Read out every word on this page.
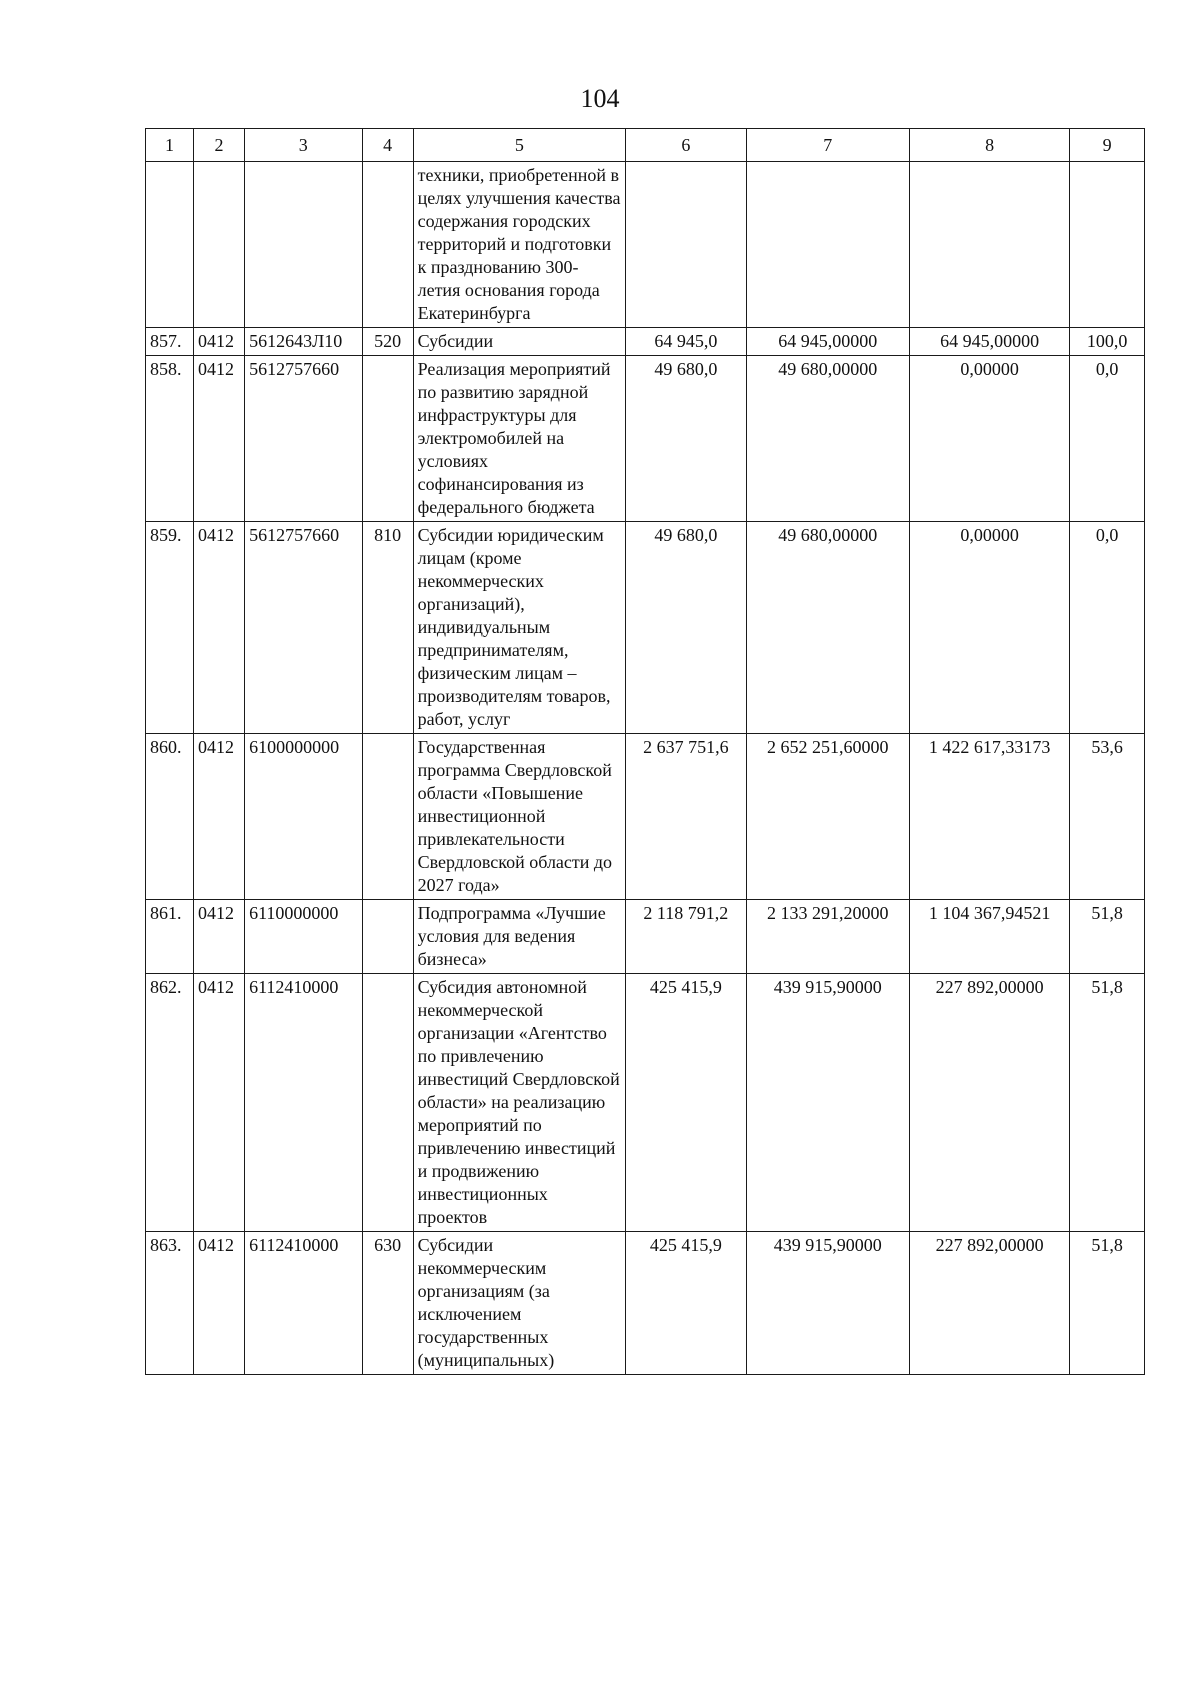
104
1	2	3	4	5	6	7	8	9
				техники, приобретенной в целях улучшения качества содержания городских территорий и подготовки к празднованию 300-летия основания города Екатеринбурга				
857.	0412	5612643Л10	520	Субсидии	64 945,0	64 945,00000	64 945,00000	100,0
858.	0412	5612757660		Реализация мероприятий по развитию зарядной инфраструктуры для электромобилей на условиях софинансирования из федерального бюджета	49 680,0	49 680,00000	0,00000	0,0
859.	0412	5612757660	810	Субсидии юридическим лицам (кроме некоммерческих организаций), индивидуальным предпринимателям, физическим лицам – производителям товаров, работ, услуг	49 680,0	49 680,00000	0,00000	0,0
860.	0412	6100000000		Государственная программа Свердловской области «Повышение инвестиционной привлекательности Свердловской области до 2027 года»	2 637 751,6	2 652 251,60000	1 422 617,33173	53,6
861.	0412	6110000000		Подпрограмма «Лучшие условия для ведения бизнеса»	2 118 791,2	2 133 291,20000	1 104 367,94521	51,8
862.	0412	6112410000		Субсидия автономной некоммерческой организации «Агентство по привлечению инвестиций Свердловской области» на реализацию мероприятий по привлечению инвестиций и продвижению инвестиционных проектов	425 415,9	439 915,90000	227 892,00000	51,8
863.	0412	6112410000	630	Субсидии некоммерческим организациям (за исключением государственных (муниципальных)	425 415,9	439 915,90000	227 892,00000	51,8
